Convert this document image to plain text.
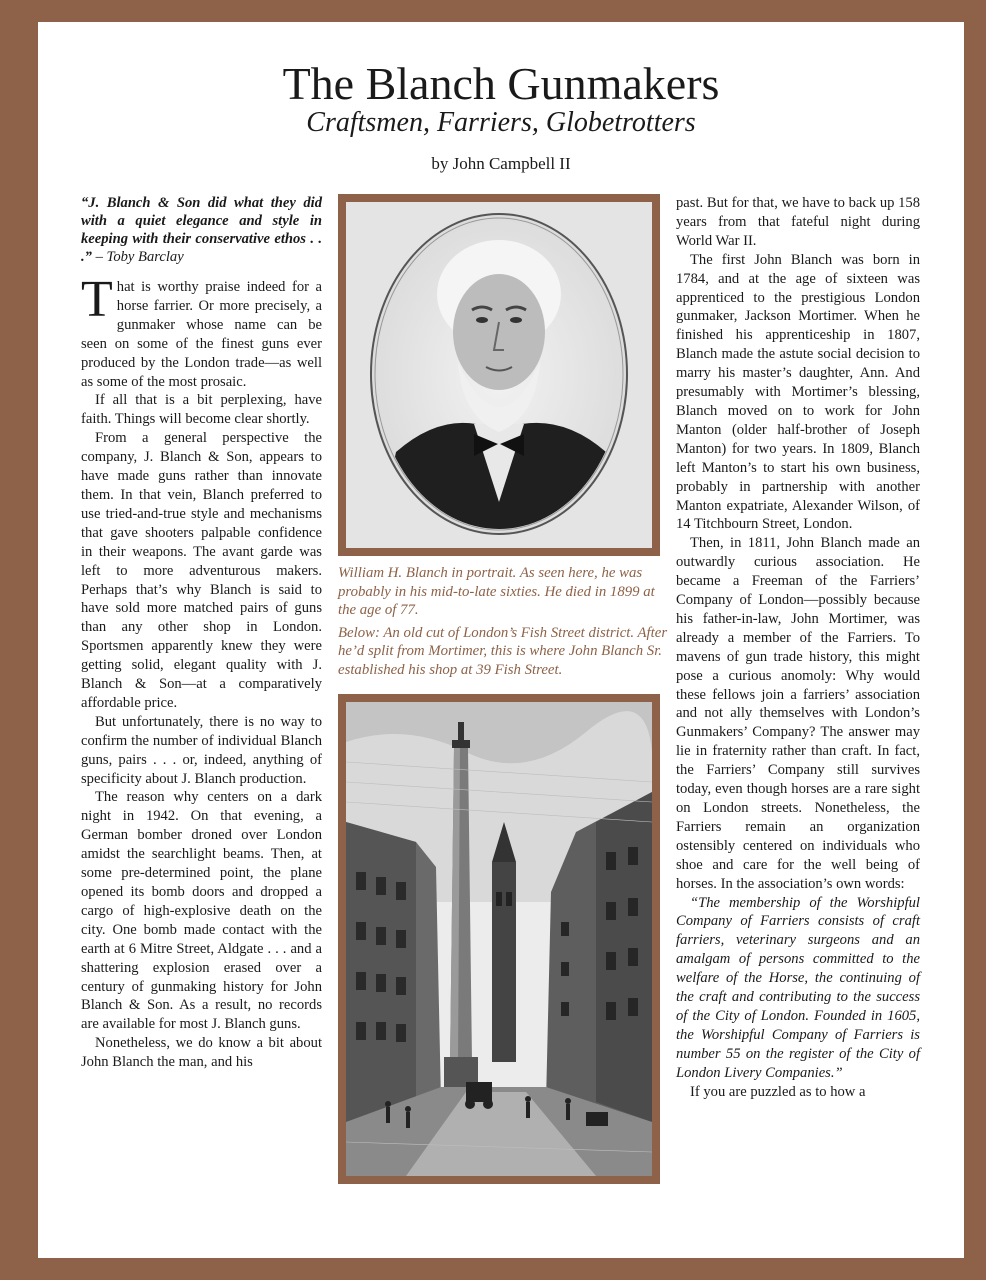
The Blanch Gunmakers
Craftsmen, Farriers, Globetrotters
by John Campbell II
“J. Blanch & Son did what they did with a quiet elegance and style in keeping with their conservative ethos . . .” – Toby Barclay

That is worthy praise indeed for a horse farrier. Or more precisely, a gunmaker whose name can be seen on some of the finest guns ever produced by the London trade—as well as some of the most prosaic.

If all that is a bit perplexing, have faith. Things will become clear shortly.

From a general perspective the company, J. Blanch & Son, appears to have made guns rather than innovate them. In that vein, Blanch preferred to use tried-and-true style and mechanisms that gave shooters palpable confidence in their weapons. The avant garde was left to more adventurous makers. Perhaps that’s why Blanch is said to have sold more matched pairs of guns than any other shop in London. Sportsmen apparently knew they were getting solid, elegant quality with J. Blanch & Son—at a comparatively affordable price.

But unfortunately, there is no way to confirm the number of individual Blanch guns, pairs . . . or, indeed, anything of specificity about J. Blanch production.

The reason why centers on a dark night in 1942. On that evening, a German bomber droned over London amidst the searchlight beams. Then, at some pre-determined point, the plane opened its bomb doors and dropped a cargo of high-explosive death on the city. One bomb made contact with the earth at 6 Mitre Street, Aldgate . . . and a shattering explosion erased over a century of gunmaking history for John Blanch & Son. As a result, no records are available for most J. Blanch guns.

Nonetheless, we do know a bit about John Blanch the man, and his

William H. Blanch in portrait. As seen here, he was probably in his mid-to-late sixties. He died in 1899 at the age of 77.

Below: An old cut of London’s Fish Street district. After he’d split from Mortimer, this is where John Blanch Sr. established his shop at 39 Fish Street.

past. But for that, we have to back up 158 years from that fateful night during World War II.

The first John Blanch was born in 1784, and at the age of sixteen was apprenticed to the prestigious London gunmaker, Jackson Mortimer. When he finished his apprenticeship in 1807, Blanch made the astute social decision to marry his master’s daughter, Ann. And presumably with Mortimer’s blessing, Blanch moved on to work for John Manton (older half-brother of Joseph Manton) for two years. In 1809, Blanch left Manton’s to start his own business, probably in partnership with another Manton expatriate, Alexander Wilson, of 14 Titchbourn Street, London.

Then, in 1811, John Blanch made an outwardly curious association. He became a Freeman of the Farriers’ Company of London—possibly because his father-in-law, John Mortimer, was already a member of the Farriers. To mavens of gun trade history, this might pose a curious anomoly: Why would these fellows join a farriers’ association and not ally themselves with London’s Gunmakers’ Company? The answer may lie in fraternity rather than craft. In fact, the Farriers’ Company still survives today, even though horses are a rare sight on London streets. Nonetheless, the Farriers remain an organization ostensibly centered on individuals who shoe and care for the well being of horses. In the association’s own words:

“The membership of the Worshipful Company of Farriers consists of craft farriers, veterinary surgeons and an amalgam of persons committed to the welfare of the Horse, the continuing of the craft and contributing to the success of the City of London. Founded in 1605, the Worshipful Company of Farriers is number 55 on the register of the City of London Livery Companies.”

If you are puzzled as to how a
